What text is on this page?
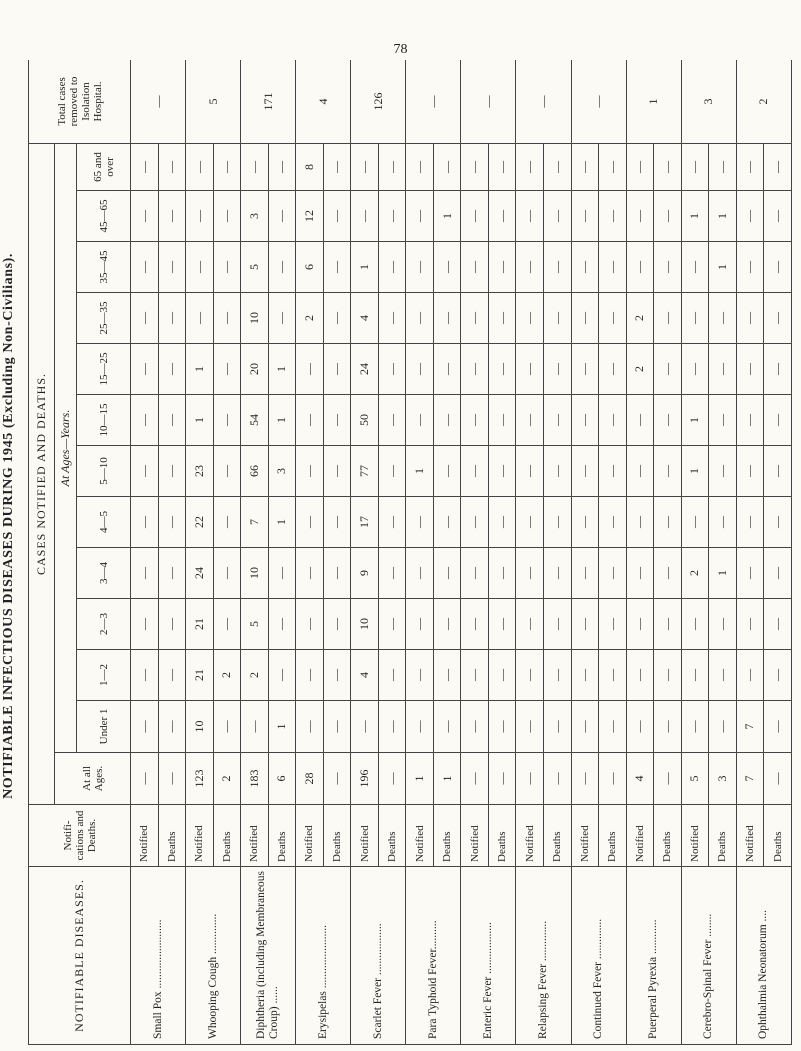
NOTIFIABLE INFECTIOUS DISEASES DURING 1945 (Excluding Non-Civilians).
78
NOTIFIABLE DISEASES.	Notifi-cations and Deaths.	CASES NOTIFIED AND DEATHS.													Total cases removed to Isolation Hospital.
		At all Ages.	At Ages—Years.												
			Under 1	1—2	2—3	3—4	4—5	5—10	10—15	15—25	25—35	35—45	45—65	65 and over	
Small Pox ........................	Notified	—	—	—	—	—	—	—	—	—	—	—	—	—	—
	Deaths	—	—	—	—	—	—	—	—	—	—	—	—	—	
Whooping Cough ..............	Notified	123	10	21	21	24	22	23	1	1	—	—	—	—	5
	Deaths	2	—	2	—	—	—	—	—	—	—	—	—	—	
Diphtheria (including Membraneous Croup) ......	Notified	183	—	2	5	10	7	66	54	20	10	5	3	—	171
	Deaths	6	1	—	—	—	1	3	1	1	—	—	—	—	
Erysipelas ......................	Notified	28	—	—	—	—	—	—	—	—	2	6	12	8	4
	Deaths	—	—	—	—	—	—	—	—	—	—	—	—	—	
Scarlet Fever ..................	Notified	196	—	4	10	9	17	77	50	24	4	1	—	—	126
	Deaths	—	—	—	—	—	—	—	—	—	—	—	—	—	
Para Typhoid Fever..........	Notified	1	—	—	—	—	—	1	—	—	—	—	—	—	—
	Deaths	1	—	—	—	—	—	—	—	—	—	—	1	—	
Enteric Fever ..................	Notified	—	—	—	—	—	—	—	—	—	—	—	—	—	—
	Deaths	—	—	—	—	—	—	—	—	—	—	—	—	—	
Relapsing Fever ..............	Notified	—	—	—	—	—	—	—	—	—	—	—	—	—	—
	Deaths	—	—	—	—	—	—	—	—	—	—	—	—	—	
Continued Fever ..............	Notified	—	—	—	—	—	—	—	—	—	—	—	—	—	—
	Deaths	—	—	—	—	—	—	—	—	—	—	—	—	—	
Puerperal Pyrexia ............	Notified	4	—	—	—	—	—	—	—	2	2	—	—	—	1
	Deaths	—	—	—	—	—	—	—	—	—	—	—	—	—	
Cerebro-Spinal Fever ........	Notified	5	—	—	—	2	—	1	1	—	—	—	1	—	3
	Deaths	3	—	—	—	1	—	—	—	—	—	1	1	—	
Ophthalmia Neonatorum ....	Notified	7	7	—	—	—	—	—	—	—	—	—	—	—	2
	Deaths	—	—	—	—	—	—	—	—	—	—	—	—	—	
